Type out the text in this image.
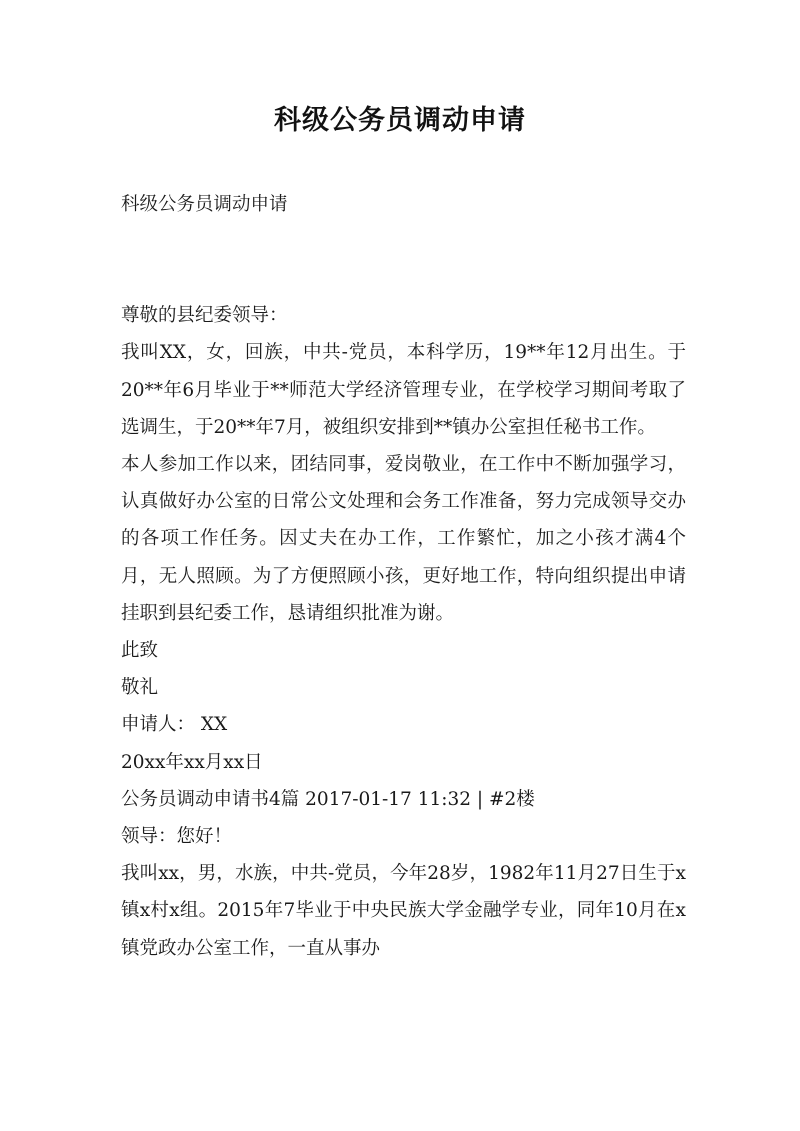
科级公务员调动申请

科级公务员调动申请

尊敬的县纪委领导：

我叫XX，女，回族，中共-党员，本科学历，19**年12月出生。于20**年6月毕业于**师范大学经济管理专业，在学校学习期间考取了选调生，于20**年7月，被组织安排到**镇办公室担任秘书工作。

本人参加工作以来，团结同事，爱岗敬业，在工作中不断加强学习，认真做好办公室的日常公文处理和会务工作准备，努力完成领导交办的各项工作任务。因丈夫在办工作，工作繁忙，加之小孩才满4个月，无人照顾。为了方便照顾小孩，更好地工作，特向组织提出申请挂职到县纪委工作，恳请组织批准为谢。

此致

敬礼

申请人： XX

20xx年xx月xx日

公务员调动申请书4篇 2017-01-17 11:32 | #2楼

领导：您好！

我叫xx，男，水族，中共-党员，今年28岁，1982年11月27日生于x镇x村x组。2015年7毕业于中央民族大学金融学专业，同年10月在x镇党政办公室工作，一直从事办
